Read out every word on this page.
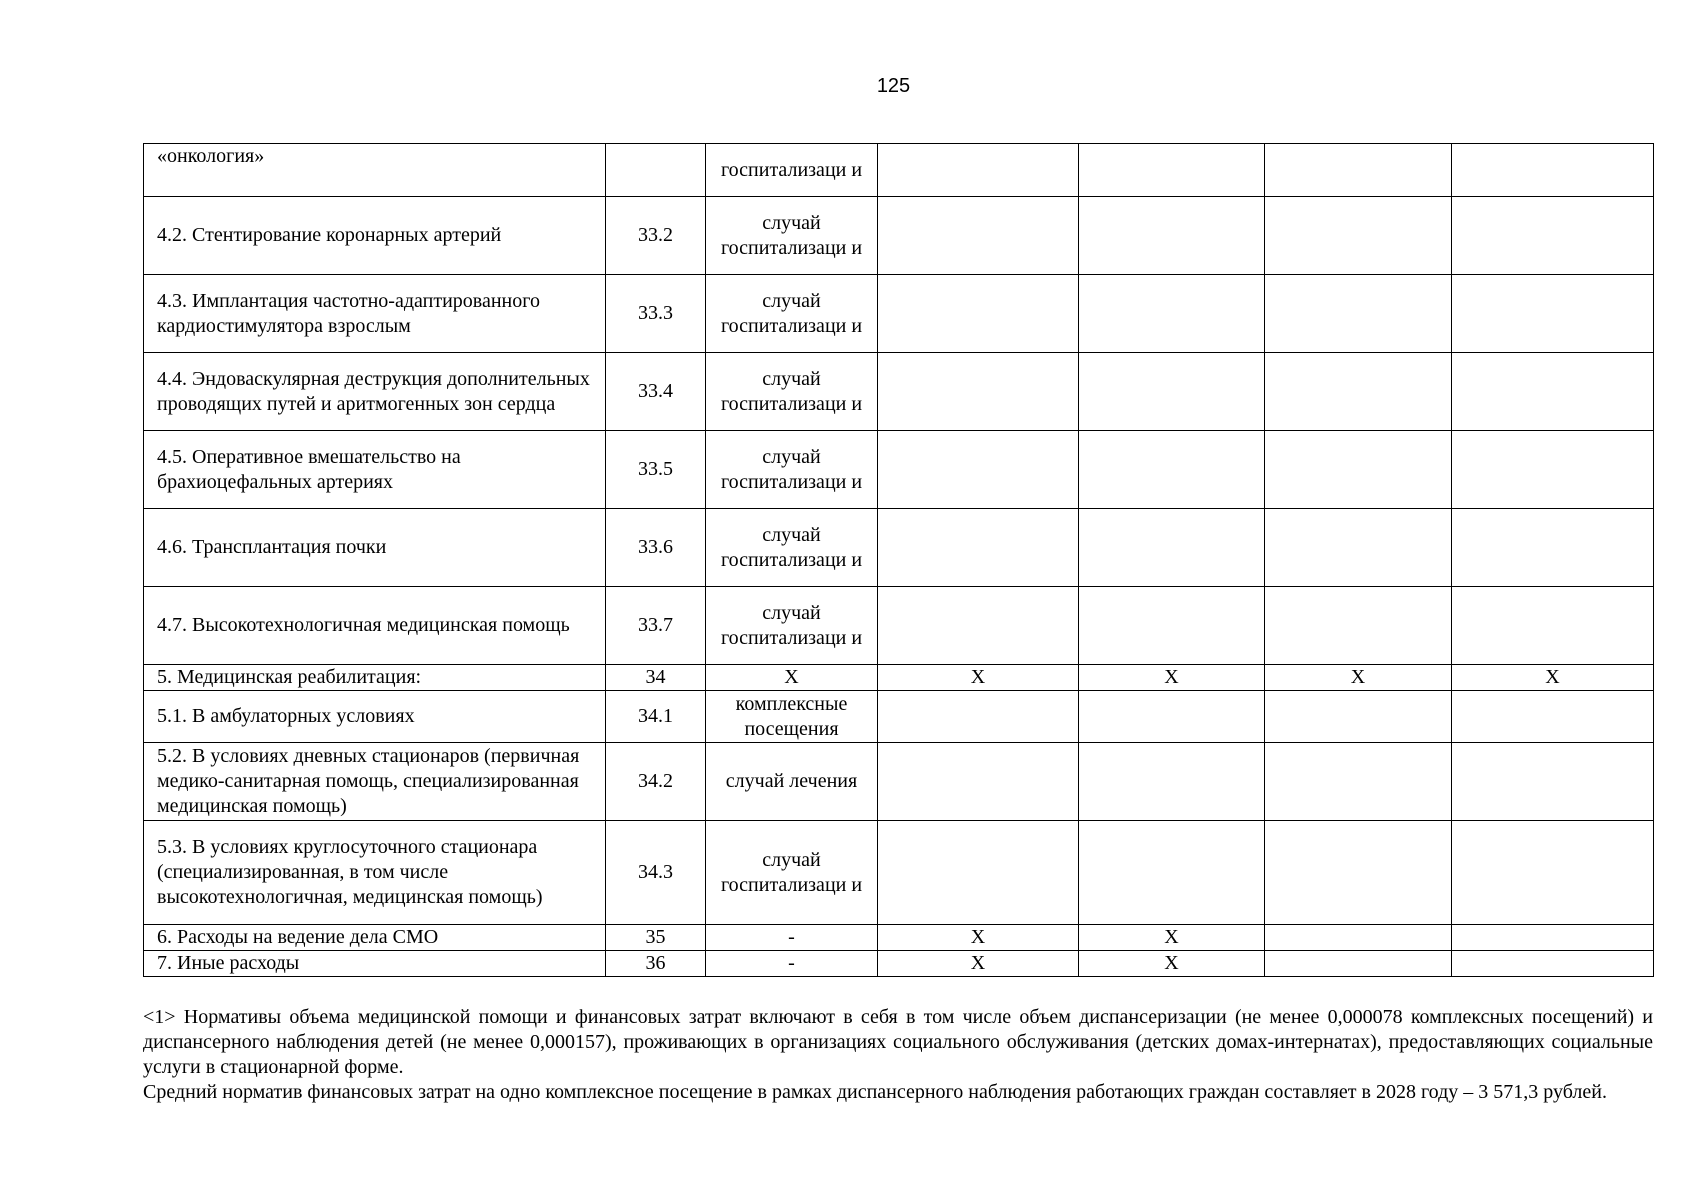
125
«онкология»		госпитализаци и				
4.2. Стентирование коронарных артерий	33.2	случай госпитализаци и				
4.3. Имплантация частотно-адаптированного кардиостимулятора взрослым	33.3	случай госпитализаци и				
4.4. Эндоваскулярная деструкция дополнительных проводящих путей и аритмогенных зон сердца	33.4	случай госпитализаци и				
4.5. Оперативное вмешательство на брахиоцефальных артериях	33.5	случай госпитализаци и				
4.6. Трансплантация почки	33.6	случай госпитализаци и				
4.7. Высокотехнологичная медицинская помощь	33.7	случай госпитализаци и				
5. Медицинская реабилитация:	34	X	X	X	X	X
5.1. В амбулаторных условиях	34.1	комплексные посещения				
5.2. В условиях дневных стационаров (первичная медико-санитарная помощь, специализированная медицинская помощь)	34.2	случай лечения				
5.3. В условиях круглосуточного стационара (специализированная, в том числе высокотехнологичная, медицинская помощь)	34.3	случай госпитализаци и				
6. Расходы на ведение дела СМО	35	-	X	X		
7. Иные расходы	36	-	X	X		

<1> Нормативы объема медицинской помощи и финансовых затрат включают в себя в том числе объем диспансеризации (не менее 0,000078 комплексных посещений) и диспансерного наблюдения детей (не менее 0,000157), проживающих в организациях социального обслуживания (детских домах-интернатах), предоставляющих социальные услуги в стационарной форме.

Средний норматив финансовых затрат на одно комплексное посещение в рамках диспансерного наблюдения работающих граждан составляет в 2028 году – 3 571,3 рублей.
